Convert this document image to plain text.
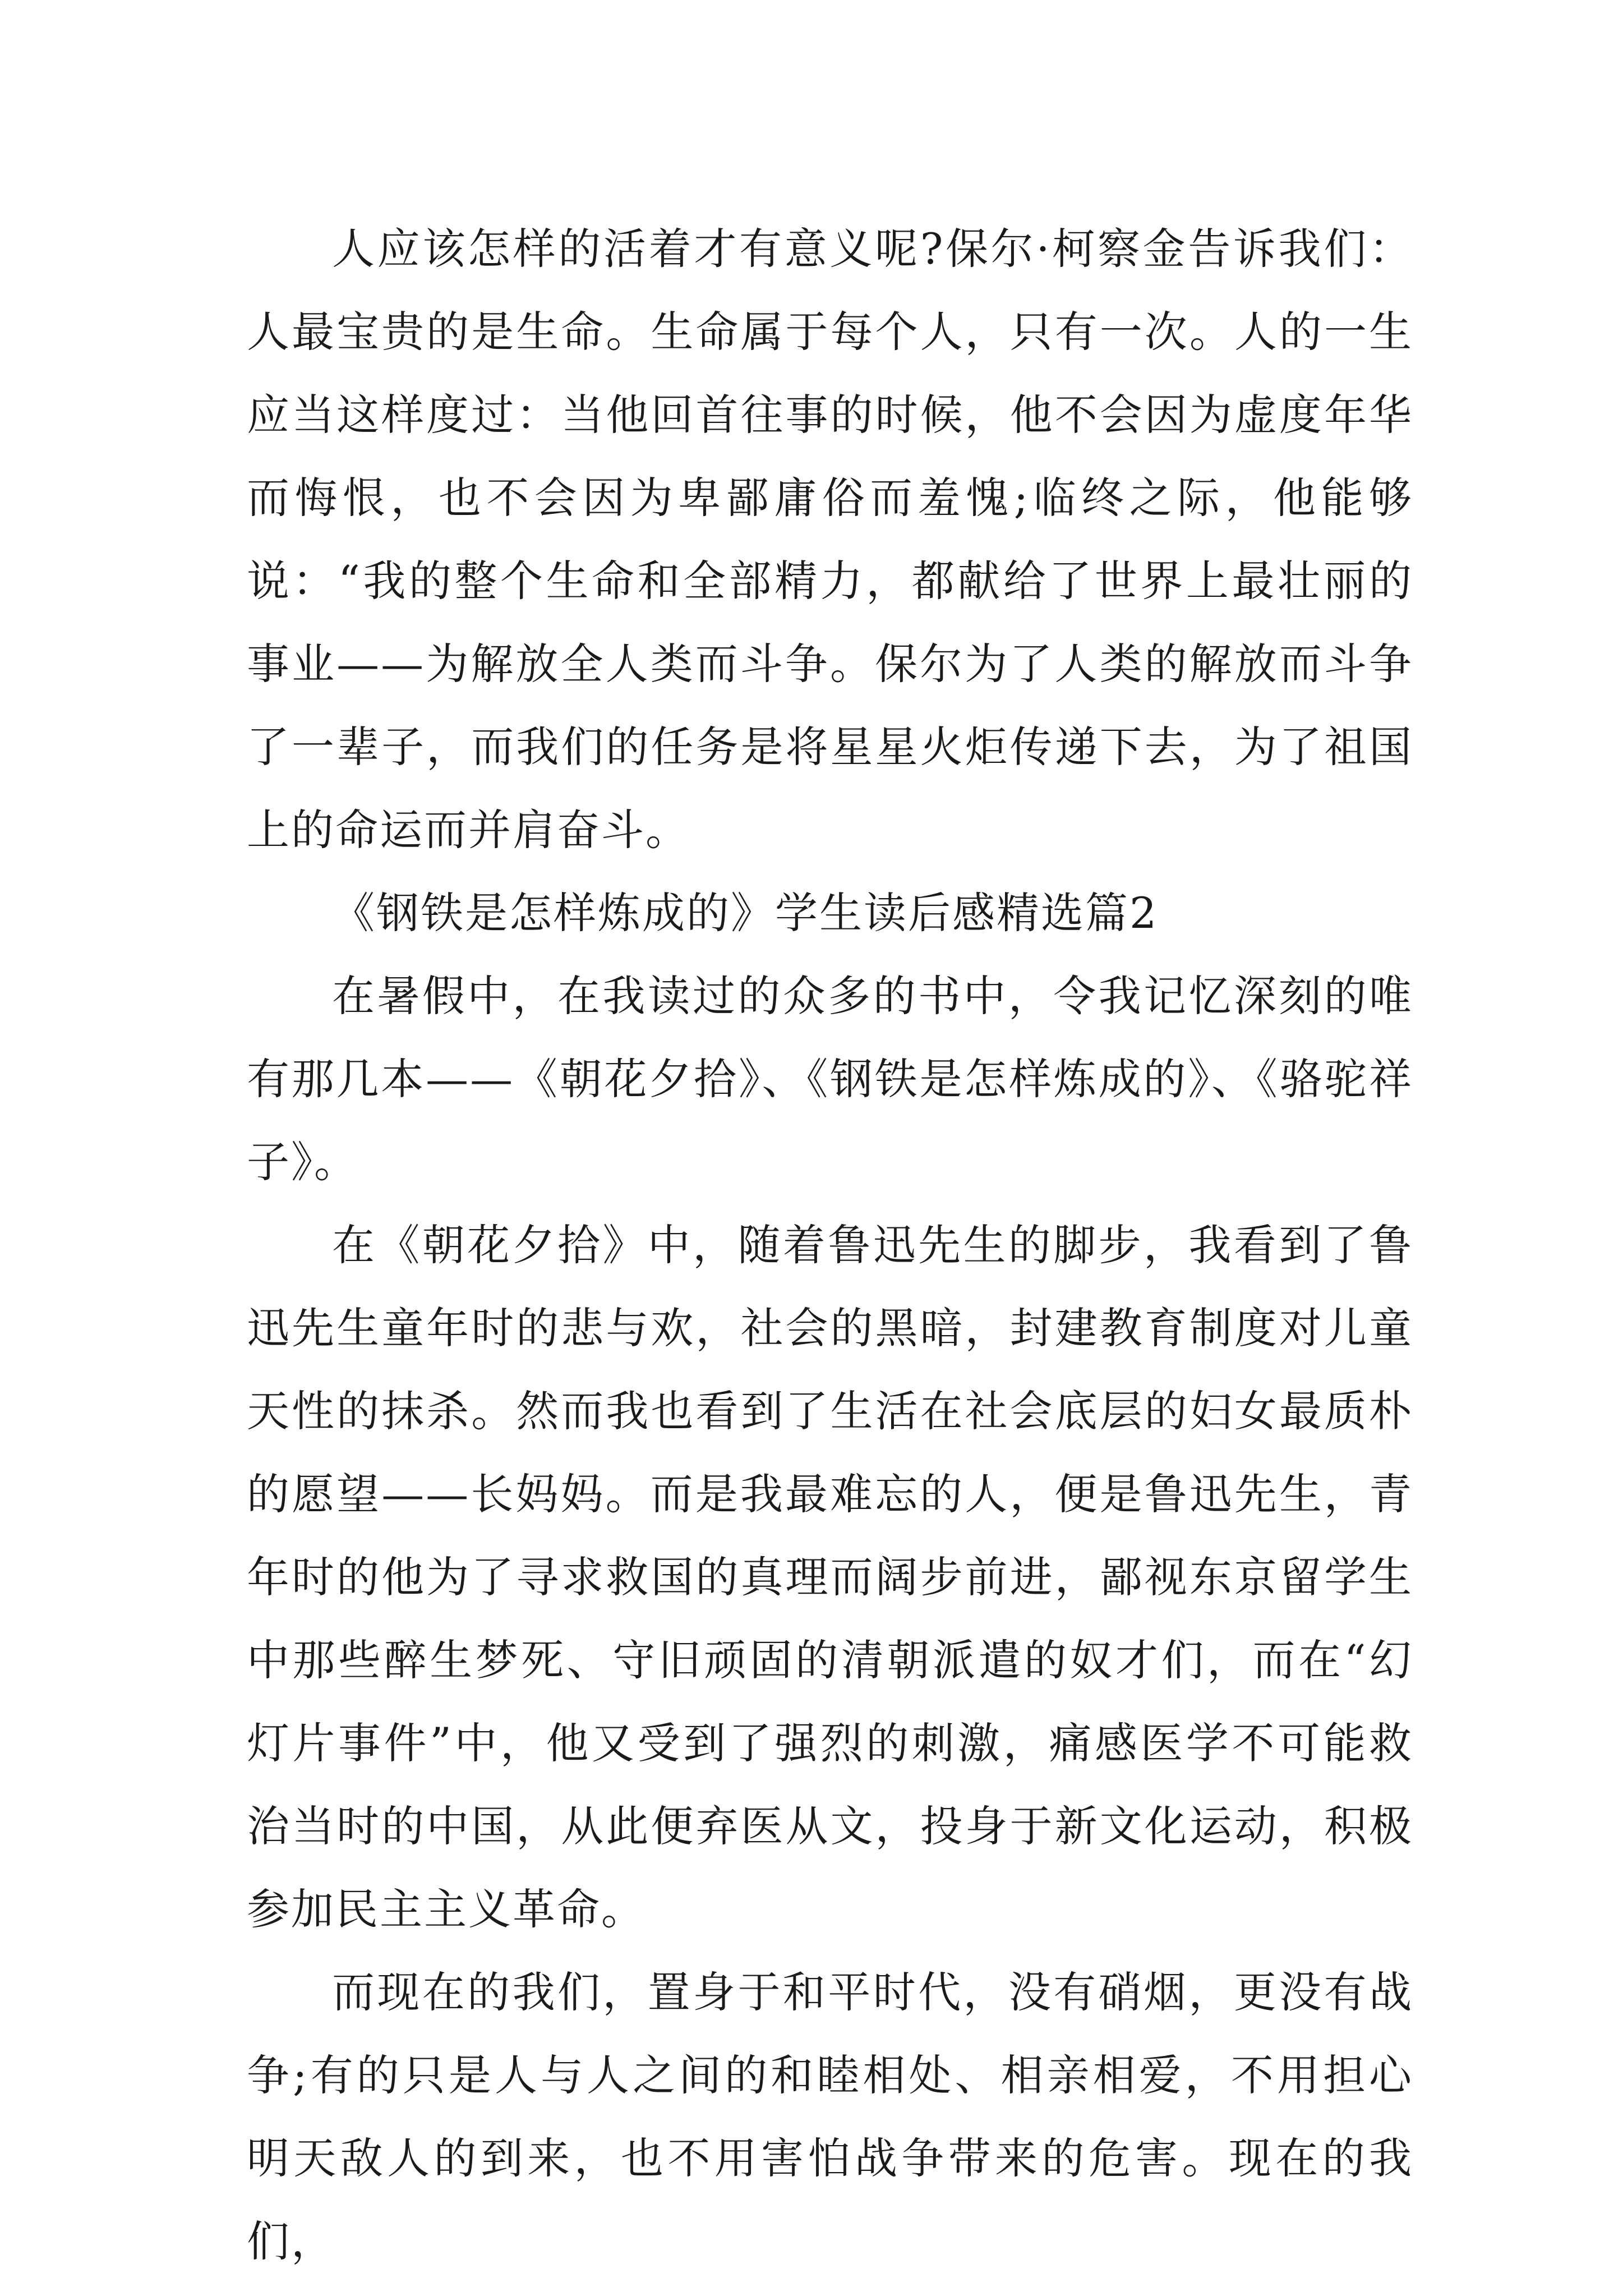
人应该怎样的活着才有意义呢?保尔·柯察金告诉我们：人最宝贵的是生命。生命属于每个人，只有一次。人的一生应当这样度过：当他回首往事的时候，他不会因为虚度年华而悔恨，也不会因为卑鄙庸俗而羞愧;临终之际，他能够说：“我的整个生命和全部精力，都献给了世界上最壮丽的事业——为解放全人类而斗争。保尔为了人类的解放而斗争了一辈子，而我们的任务是将星星火炬传递下去，为了祖国上的命运而并肩奋斗。

《钢铁是怎样炼成的》学生读后感精选篇2

在暑假中，在我读过的众多的书中，令我记忆深刻的唯有那几本——《朝花夕拾》、《钢铁是怎样炼成的》、《骆驼祥子》。

在《朝花夕拾》中，随着鲁迅先生的脚步，我看到了鲁迅先生童年时的悲与欢，社会的黑暗，封建教育制度对儿童天性的抹杀。然而我也看到了生活在社会底层的妇女最质朴的愿望——长妈妈。而是我最难忘的人，便是鲁迅先生，青年时的他为了寻求救国的真理而阔步前进，鄙视东京留学生中那些醉生梦死、守旧顽固的清朝派遣的奴才们，而在“幻灯片事件”中，他又受到了强烈的刺激，痛感医学不可能救治当时的中国，从此便弃医从文，投身于新文化运动，积极参加民主主义革命。

而现在的我们，置身于和平时代，没有硝烟，更没有战争;有的只是人与人之间的和睦相处、相亲相爱，不用担心明天敌人的到来，也不用害怕战争带来的危害。现在的我们，
